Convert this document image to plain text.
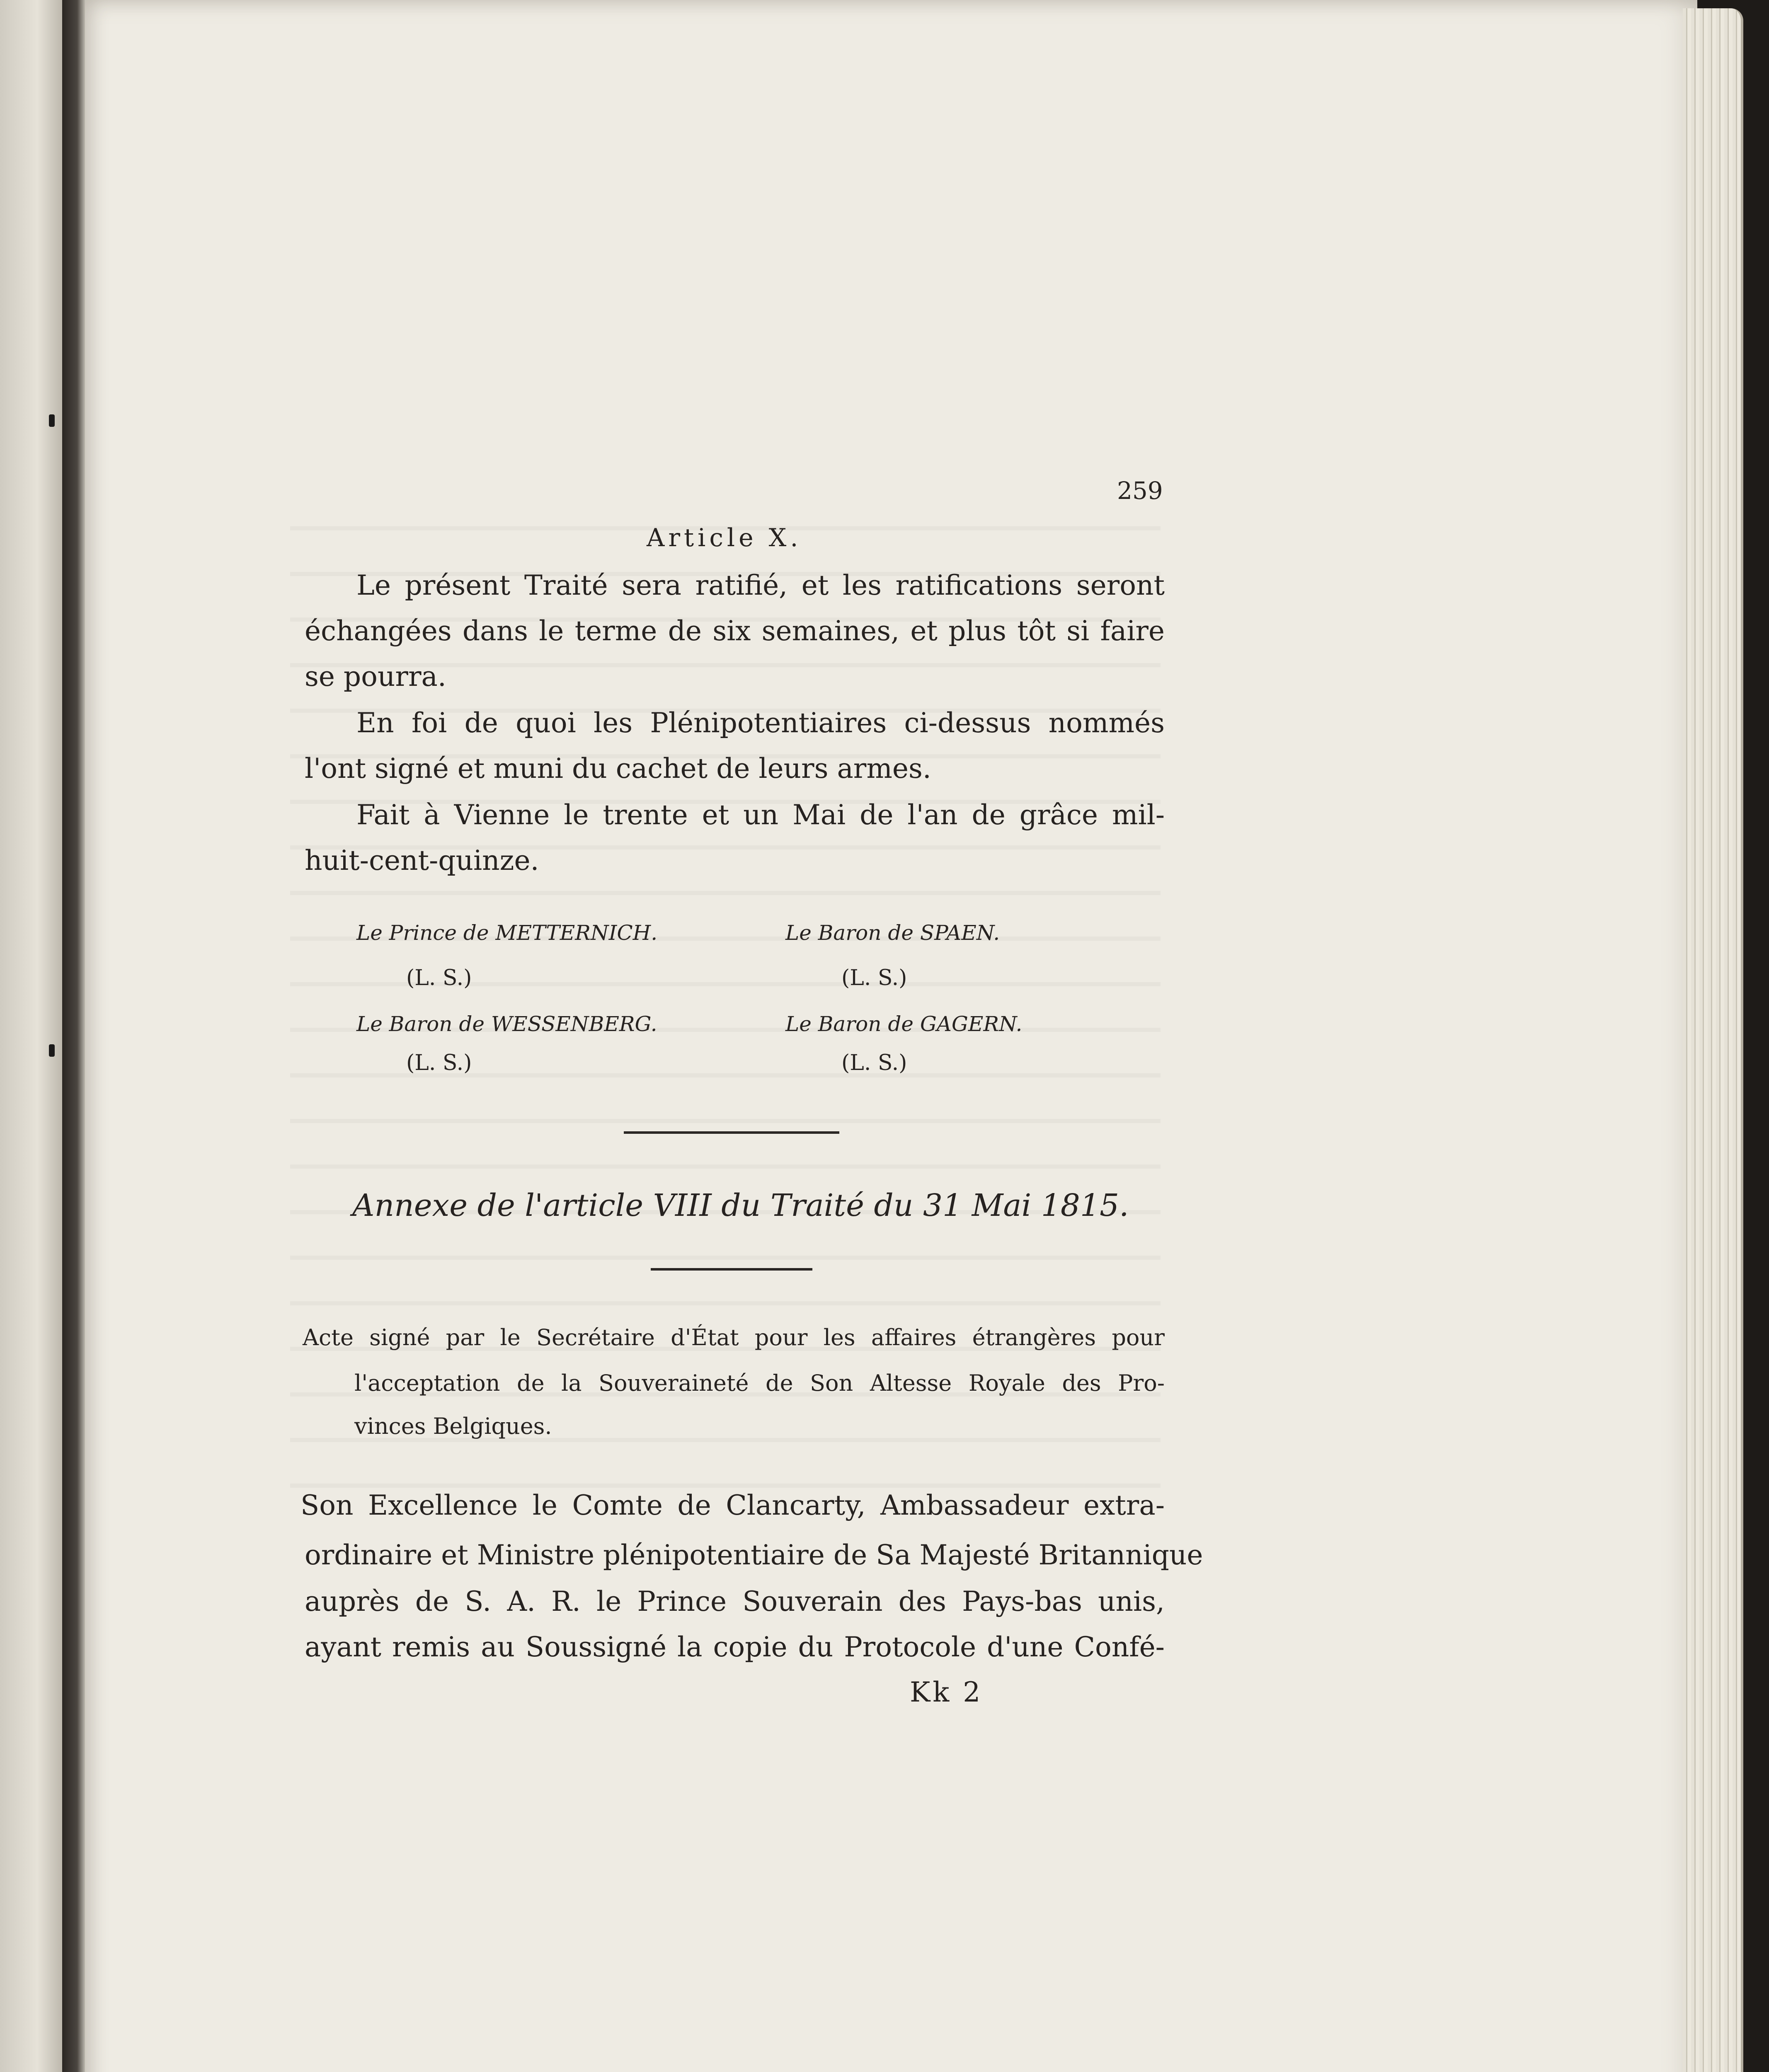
259
Article X.
Le présent Traité sera ratifié, et les ratifications seront
échangées dans le terme de six semaines, et plus tôt si faire
se pourra.
En foi de quoi les Plénipotentiaires ci-dessus nommés
l'ont signé et muni du cachet de leurs armes.
Fait à Vienne le trente et un Mai de l'an de grâce mil-
huit-cent-quinze.
Le Prince de METTERNICH.
(L. S.)
Le Baron de WESSENBERG.
(L. S.)
Le Baron de SPAEN.
(L. S.)
Le Baron de GAGERN.
(L. S.)
Annexe de l'article VIII du Traité du 31 Mai 1815.
Acte signé par le Secrétaire d'État pour les affaires étrangères pour
l'acceptation de la Souveraineté de Son Altesse Royale des Pro-
vinces Belgiques.
Son Excellence le Comte de Clancarty, Ambassadeur extra-
ordinaire et Ministre plénipotentiaire de Sa Majesté Britannique
auprès de S. A. R. le Prince Souverain des Pays-bas unis,
ayant remis au Soussigné la copie du Protocole d'une Confé-
Kk 2
